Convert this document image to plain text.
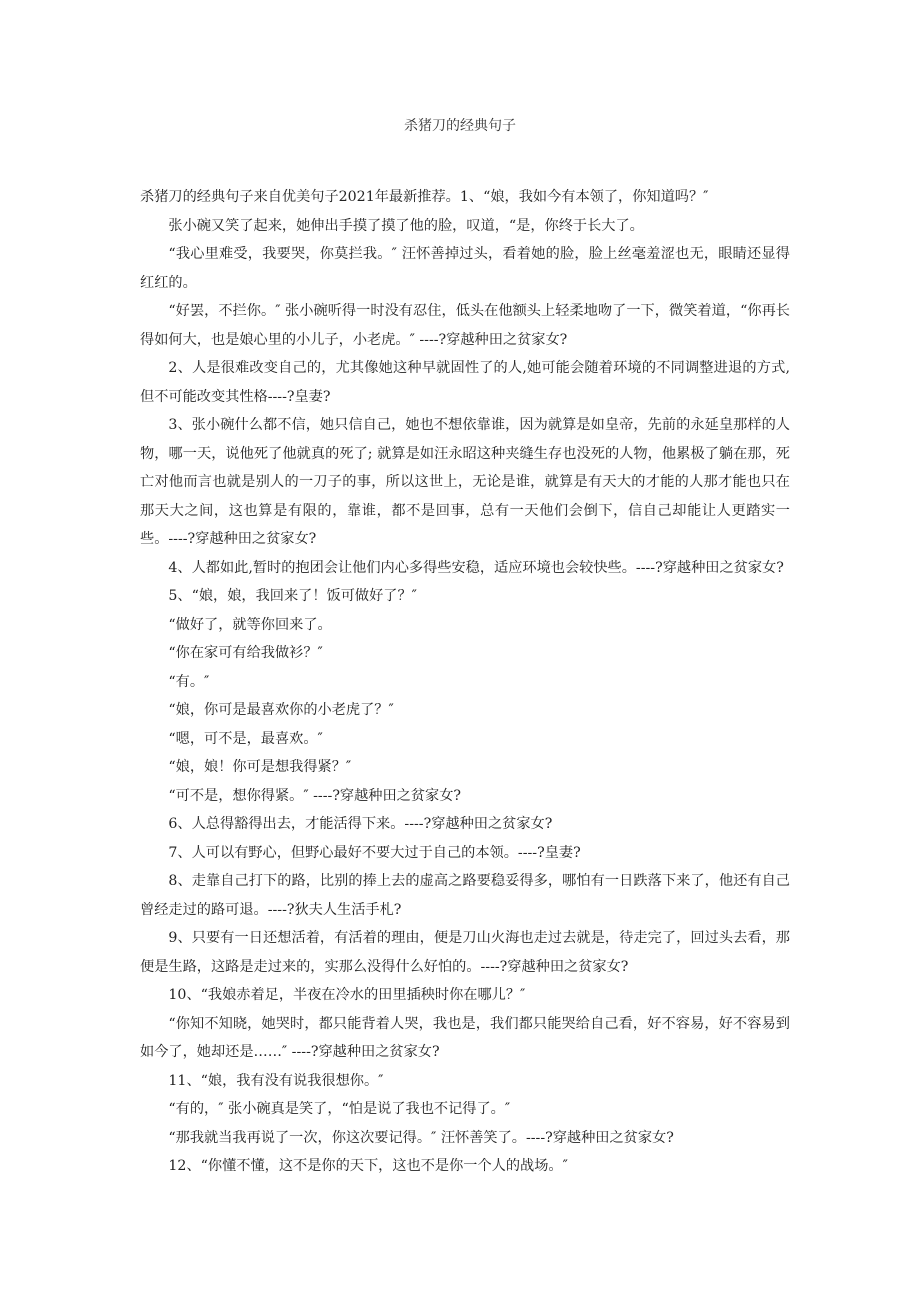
杀猪刀的经典句子

杀猪刀的经典句子来自优美句子2021年最新推荐。1、“娘，我如今有本领了，你知道吗？″

张小碗又笑了起来，她伸出手摸了摸了他的脸，叹道，“是，你终于长大了。

“我心里难受，我要哭，你莫拦我。″ 汪怀善掉过头，看着她的脸，脸上丝毫羞涩也无，眼睛还显得红红的。

“好罢，不拦你。″ 张小碗听得一时没有忍住，低头在他额头上轻柔地吻了一下，微笑着道，“你再长得如何大，也是娘心里的小儿子，小老虎。″ ----?穿越种田之贫家女?

2、人是很难改变自己的，尤其像她这种早就固性了的人,她可能会随着环境的不同调整进退的方式,但不可能改变其性格----?皇妻?

3、张小碗什么都不信，她只信自己，她也不想依靠谁，因为就算是如皇帝，先前的永延皇那样的人物，哪一天，说他死了他就真的死了; 就算是如汪永昭这种夹缝生存也没死的人物，他累极了躺在那，死亡对他而言也就是别人的一刀子的事，所以这世上，无论是谁，就算是有天大的才能的人那才能也只在那天大之间，这也算是有限的，靠谁，都不是回事，总有一天他们会倒下，信自己却能让人更踏实一些。----?穿越种田之贫家女?

4、人都如此,暂时的抱团会让他们内心多得些安稳，适应环境也会较快些。----?穿越种田之贫家女?

5、“娘，娘，我回来了！饭可做好了？″

“做好了，就等你回来了。

“你在家可有给我做衫？″

“有。″

“娘，你可是最喜欢你的小老虎了？″

“嗯，可不是，最喜欢。″

“娘，娘！你可是想我得紧？″

“可不是，想你得紧。″ ----?穿越种田之贫家女?

6、人总得豁得出去，才能活得下来。----?穿越种田之贫家女?

7、人可以有野心，但野心最好不要大过于自己的本领。----?皇妻?

8、走靠自己打下的路，比别的捧上去的虚高之路要稳妥得多，哪怕有一日跌落下来了，他还有自己曾经走过的路可退。----?狄夫人生活手札?

9、只要有一日还想活着，有活着的理由，便是刀山火海也走过去就是，待走完了，回过头去看，那便是生路，这路是走过来的，实那么没得什么好怕的。----?穿越种田之贫家女?

10、“我娘赤着足，半夜在冷水的田里插秧时你在哪儿？″

“你知不知晓，她哭时，都只能背着人哭，我也是，我们都只能哭给自己看，好不容易，好不容易到如今了，她却还是……″ ----?穿越种田之贫家女?

11、“娘，我有没有说我很想你。″

“有的，″ 张小碗真是笑了，“怕是说了我也不记得了。″

“那我就当我再说了一次，你这次要记得。″ 汪怀善笑了。----?穿越种田之贫家女?

12、“你懂不懂，这不是你的天下，这也不是你一个人的战场。″
